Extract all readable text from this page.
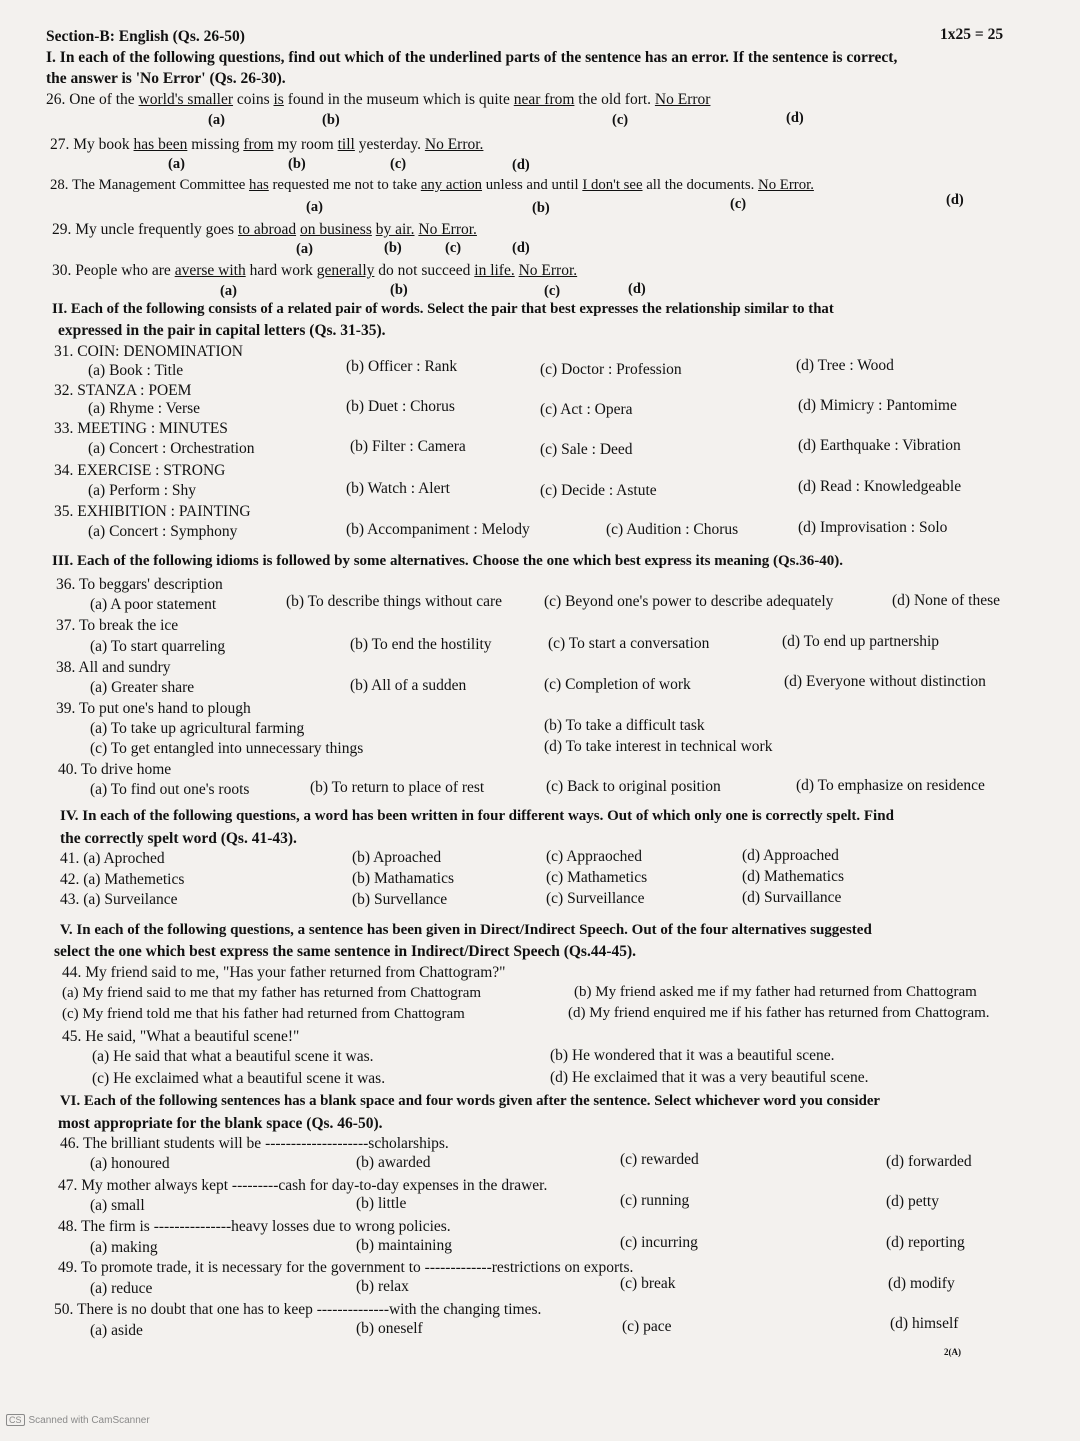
Section-B: English (Qs. 26-50)	1x25 = 25
I. In each of the following questions, find out which of the underlined parts of the sentence has an error. If the sentence is correct,
the answer is 'No Error' (Qs. 26-30).
26. One of the world's smaller coins is found in the museum which is quite near from the old fort. No Error
(a)	(b)	(c)	(d)
27. My book has been missing from my room till yesterday. No Error.
(a)	(b)	(c)	(d)
28. The Management Committee has requested me not to take any action unless and until I don't see all the documents. No Error.
(a)	(b)	(c)	(d)
29. My uncle frequently goes to abroad on business by air. No Error.
(a)	(b)	(c)	(d)
30. People who are averse with hard work generally do not succeed in life. No Error.
(a)	(b)	(c)	(d)
II. Each of the following consists of a related pair of words. Select the pair that best expresses the relationship similar to that
expressed in the pair in capital letters (Qs. 31-35).
31. COIN: DENOMINATION
(a) Book : Title	(b) Officer : Rank	(c) Doctor : Profession	(d) Tree : Wood
32. STANZA : POEM
(a) Rhyme : Verse	(b) Duet : Chorus	(c) Act : Opera	(d) Mimicry : Pantomime
33. MEETING : MINUTES
(a) Concert : Orchestration	(b) Filter : Camera	(c) Sale : Deed	(d) Earthquake : Vibration
34. EXERCISE : STRONG
(a) Perform : Shy	(b) Watch : Alert	(c) Decide : Astute	(d) Read : Knowledgeable
35. EXHIBITION : PAINTING
(a) Concert : Symphony	(b) Accompaniment : Melody	(c) Audition : Chorus	(d) Improvisation : Solo
III. Each of the following idioms is followed by some alternatives. Choose the one which best express its meaning (Qs.36-40).
36. To beggars' description
(a) A poor statement	(b) To describe things without care	(c) Beyond one's power to describe adequately	(d) None of these
37. To break the ice
(a) To start quarreling	(b) To end the hostility	(c) To start a conversation	(d) To end up partnership
38. All and sundry
(a) Greater share	(b) All of a sudden	(c) Completion of work	(d) Everyone without distinction
39. To put one's hand to plough
(a) To take up agricultural farming	(b) To take a difficult task
(c) To get entangled into unnecessary things	(d) To take interest in technical work
40. To drive home
(a) To find out one's roots	(b) To return to place of rest	(c) Back to original position	(d) To emphasize on residence
IV. In each of the following questions, a word has been written in four different ways. Out of which only one is correctly spelt. Find
the correctly spelt word (Qs. 41-43).
41. (a) Aproched	(b) Aproached	(c) Appraoched	(d) Approached
42. (a) Mathemetics	(b) Mathamatics	(c) Mathametics	(d) Mathematics
43. (a) Surveilance	(b) Survellance	(c) Surveillance	(d) Survaillance
V. In each of the following questions, a sentence has been given in Direct/Indirect Speech. Out of the four alternatives suggested
select the one which best express the same sentence in Indirect/Direct Speech (Qs.44-45).
44. My friend said to me, "Has your father returned from Chattogram?"
(a) My friend said to me that my father has returned from Chattogram	(b) My friend asked me if my father had returned from Chattogram
(c) My friend told me that his father had returned from Chattogram	(d) My friend enquired me if his father has returned from Chattogram.
45. He said, "What a beautiful scene!"
(a) He said that what a beautiful scene it was.	(b) He wondered that it was a beautiful scene.
(c) He exclaimed what a beautiful scene it was.	(d) He exclaimed that it was a very beautiful scene.
VI. Each of the following sentences has a blank space and four words given after the sentence. Select whichever word you consider
most appropriate for the blank space (Qs. 46-50).
46. The brilliant students will be --------------------scholarships.
(a) honoured	(b) awarded	(c) rewarded	(d) forwarded
47. My mother always kept ---------cash for day-to-day expenses in the drawer.
(a) small	(b) little	(c) running	(d) petty
48. The firm is ---------------heavy losses due to wrong policies.
(a) making	(b) maintaining	(c) incurring	(d) reporting
49. To promote trade, it is necessary for the government to -------------restrictions on exports.
(a) reduce	(b) relax	(c) break	(d) modify
50. There is no doubt that one has to keep --------------with the changing times.
(a) aside	(b) oneself	(c) pace	(d) himself
2(A)
CS Scanned with CamScanner
